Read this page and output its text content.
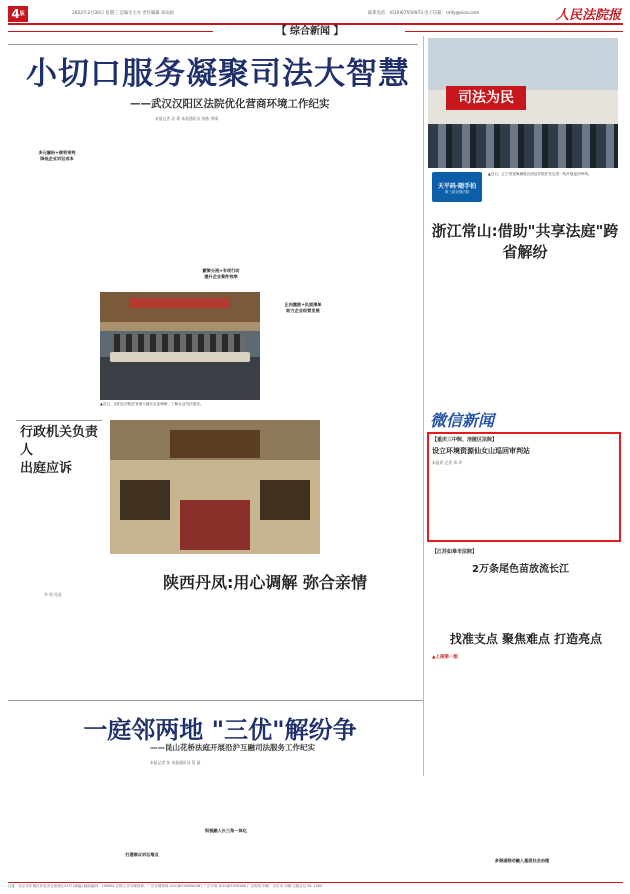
$4^版$	2022年3月30日 星期三 总编室主办 责任编辑 高雨雨	联系电话：(010)67550973 电子信箱：rmfy@sina.com	人民法院报
【 综合新闻 】
小切口服务凝聚司法大智慧
——武汉汉阳区法院优化营商环境工作纪实
本报记者 涂 莉 本报通讯员 张皓 李靖
多元解纷+便利审判
降低企业诉讼成本
繁简分流+专项行动
提升企业案件效率
正向激励+负面清单
助力企业经营发展
▲近日，汉阳区法院法官深入辖区企业调研，了解企业司法需求。
司法为民
天平码·随手拍
第三届全国法院
▲近日，辽宁省宽甸满族自治县法院法官走进一线开展巡回审判。
浙江常山:借助"共享法庭"跨省解纷
行政机关负责人
出庭应诉
李 明 肖浩
陕西丹凤:用心调解 弥合亲情
微信新闻
【重庆三中院、涪陵区法院】
设立环境资源仙女山巡回审判站
本报讯 记者 邓 玲
【江苏如皋市法院】
2万条尾色苗放流长江
找准支点 聚焦难点 打造亮点
▲上接第一版
一庭邻两地 "三优"解纷争
——昆山花桥法庭开展沿沪互融司法服务工作纪实
本报记者 张 本报通讯员 蔡 晶
积极融入长三角一体化
打通群众诉讼堵点
多渠道联动融入基层社会治理
社址：北京市东城区东花市北里西区22号 (邮编) 邮政编码：100062 法院公告办理咨询、广告办理咨询 (010)67550583/67 广告专用 (010)67550588 广告热线 印刷：京东市 印刷 出版总社 ID: 1000
